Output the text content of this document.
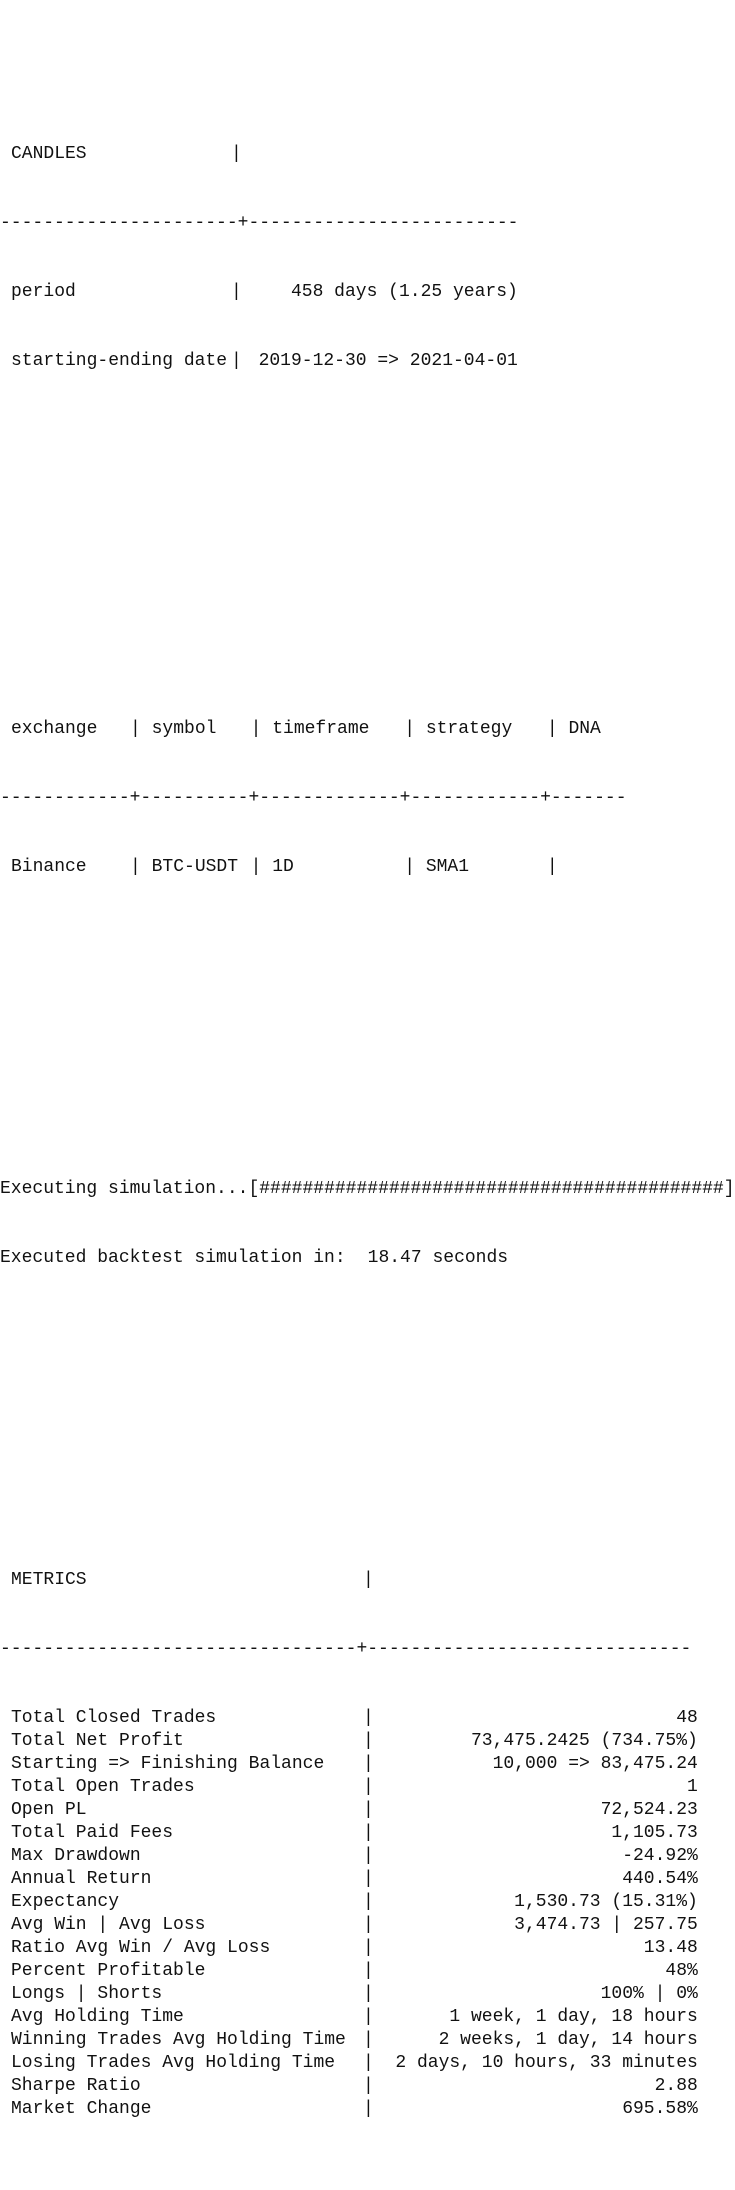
CANDLES	|

----------------------+-------------------------

period	|	458 days (1.25 years)

starting-ending date | 2019-12-30 => 2021-04-01

exchange	| symbol	| timeframe	| strategy	| DNA

------------+----------+-------------+------------+-------

Binance	| BTC-USDT | 1D	| SMA1	|

Executing simulation... [###########################################]

Executed backtest simulation in:	18.47 seconds

METRICS	|

---------------------------------+------------------------------

Total Closed Trades	|	48
Total Net Profit	|	73,475.2425 (734.75%)
Starting => Finishing Balance	|	10,000 => 83,475.24
Total Open Trades	|	1
Open PL	|	72,524.23
Total Paid Fees	|	1,105.73
Max Drawdown	|	-24.92%
Annual Return	|	440.54%
Expectancy	|	1,530.73 (15.31%)
Avg Win | Avg Loss	|	3,474.73 | 257.75
Ratio Avg Win / Avg Loss	|	13.48
Percent Profitable	|	48%
Longs | Shorts	|	100% | 0%
Avg Holding Time	|	1 week, 1 day, 18 hours
Winning Trades Avg Holding Time |	2 weeks, 1 day, 14 hours
Losing Trades Avg Holding Time	|	2 days, 10 hours, 33 minutes
Sharpe Ratio	|	2.88
Market Change	|	695.58%
